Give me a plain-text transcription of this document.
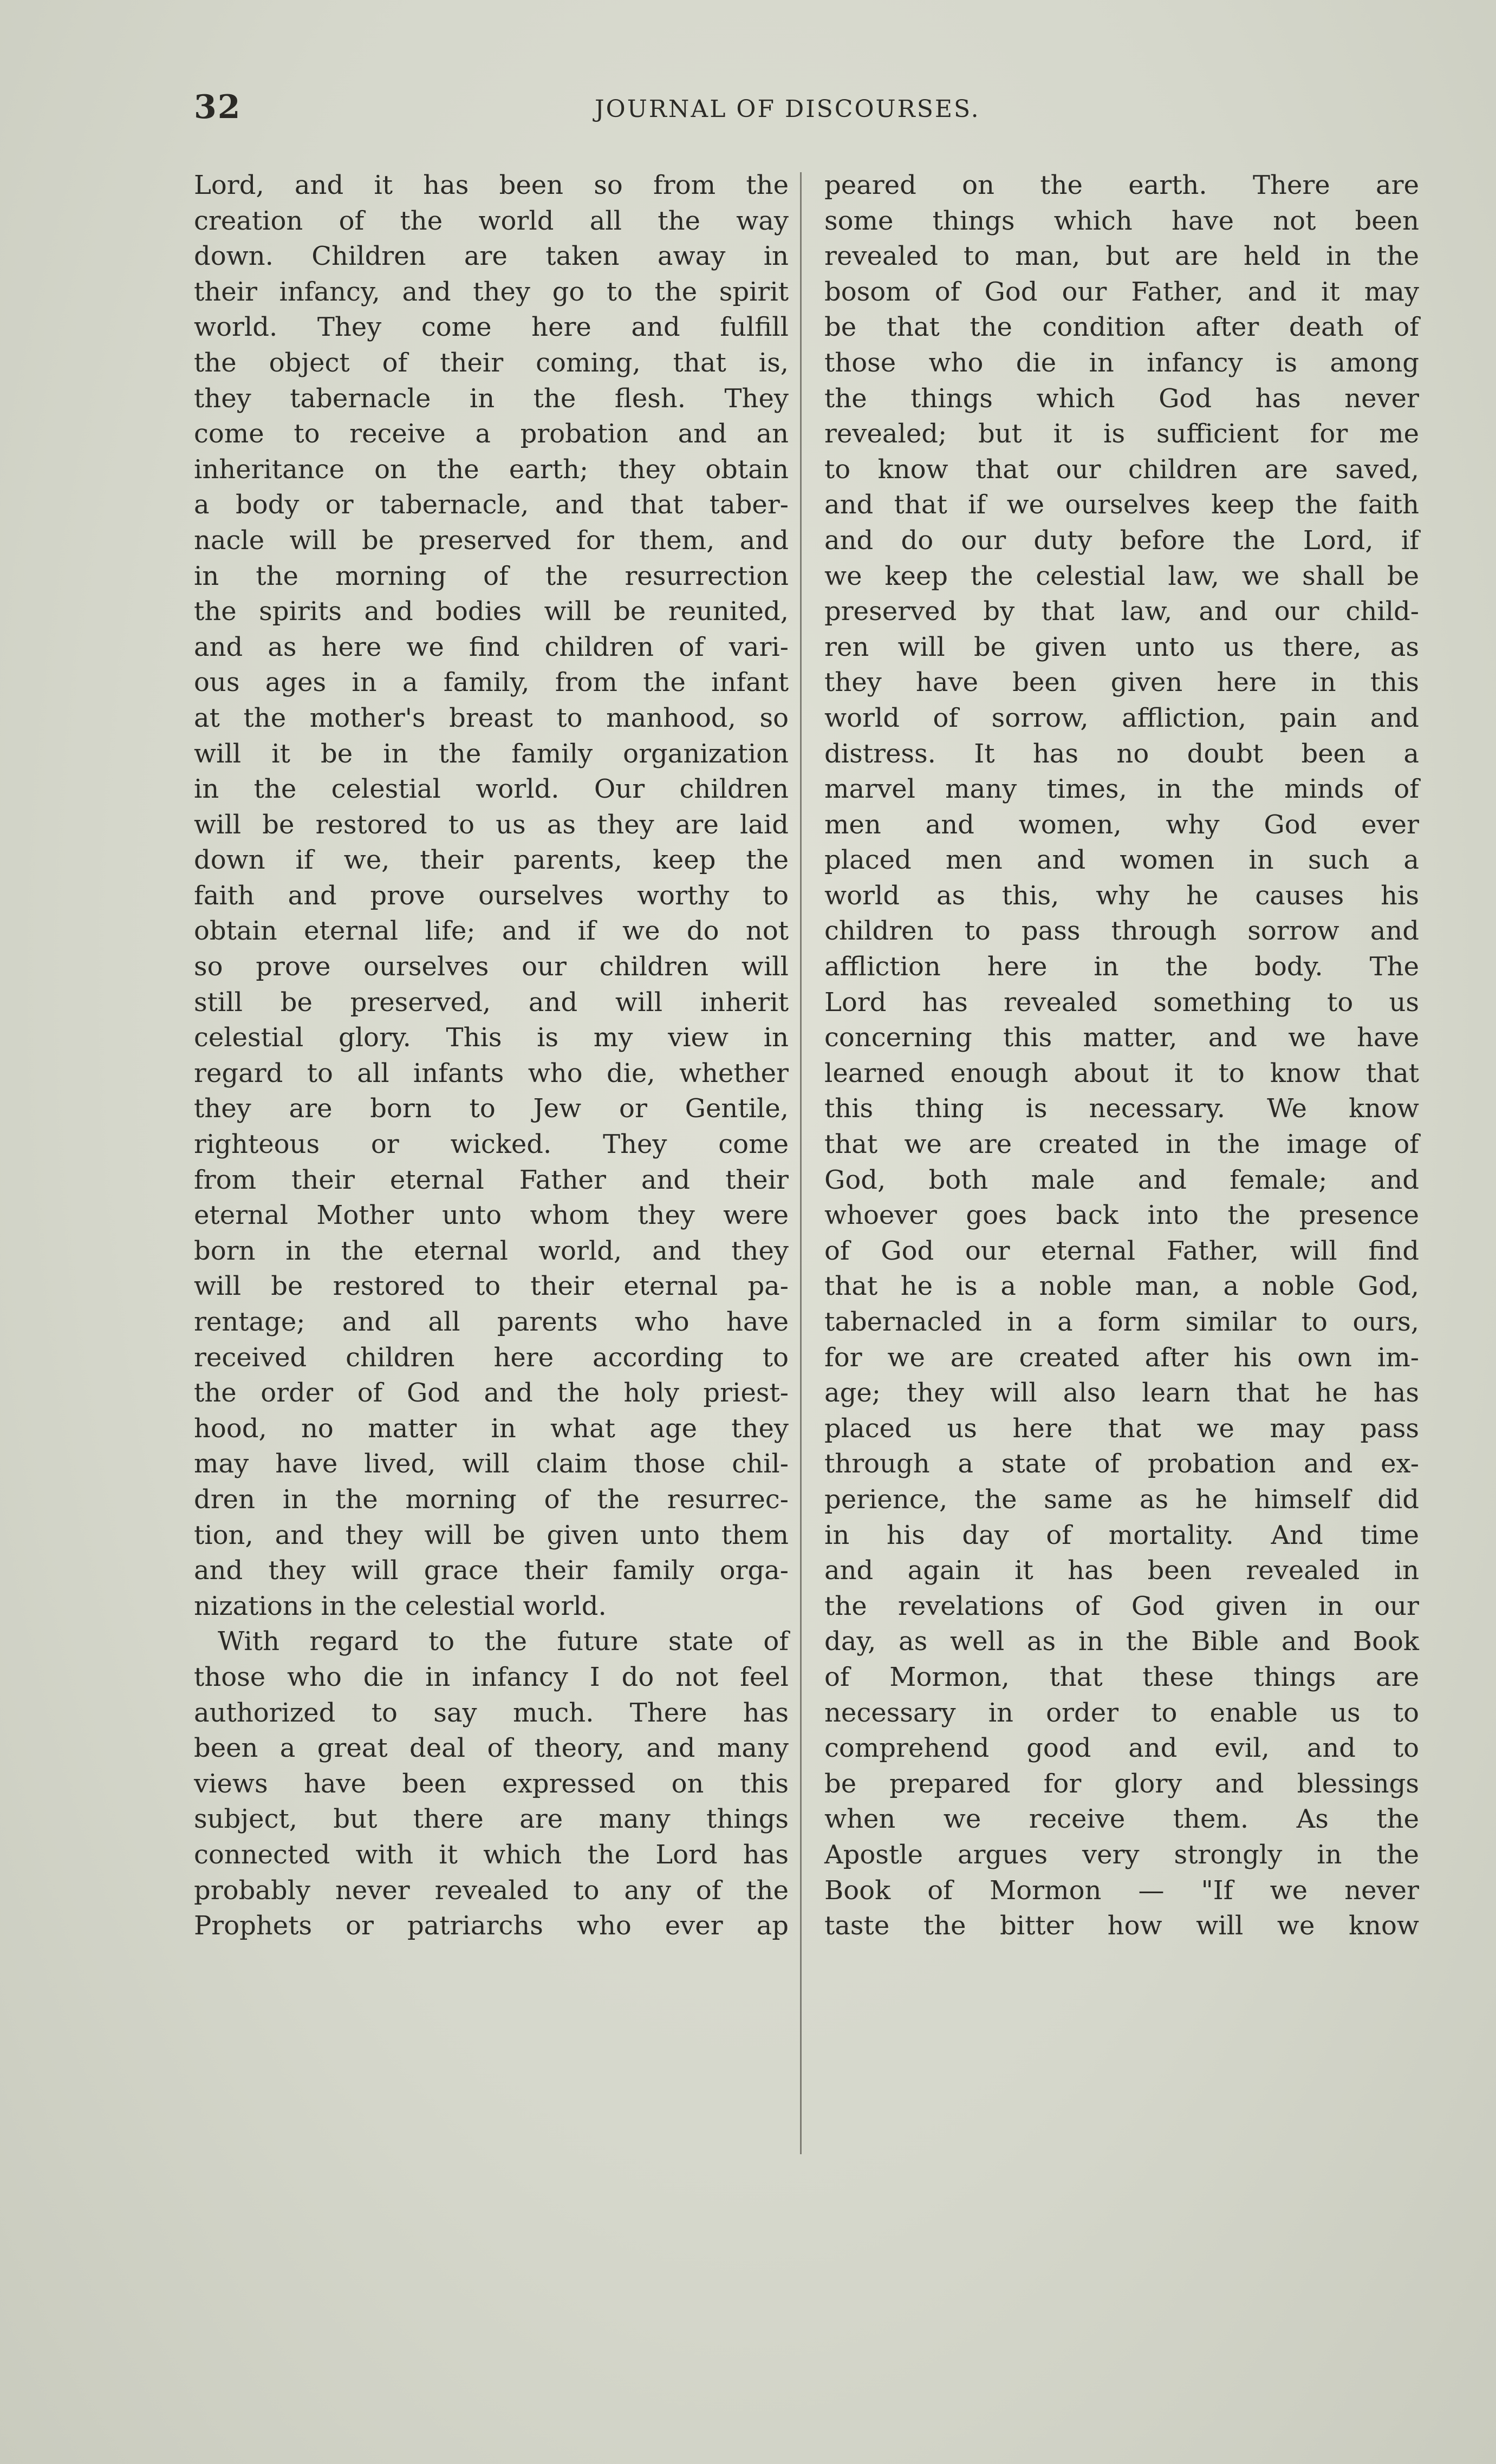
32	JOURNAL OF DISCOURSES.
Lord, and it has been so from the
creation of the world all the way
down. Children are taken away in
their infancy, and they go to the spirit
world. They come here and fulfill
the object of their coming, that is,
they tabernacle in the flesh. They
come to receive a probation and an
inheritance on the earth; they obtain
a body or tabernacle, and that taber-
nacle will be preserved for them, and
in the morning of the resurrection
the spirits and bodies will be reunited,
and as here we find children of vari-
ous ages in a family, from the infant
at the mother's breast to manhood, so
will it be in the family organization
in the celestial world. Our children
will be restored to us as they are laid
down if we, their parents, keep the
faith and prove ourselves worthy to
obtain eternal life; and if we do not
so prove ourselves our children will
still be preserved, and will inherit
celestial glory. This is my view in
regard to all infants who die, whether
they are born to Jew or Gentile,
righteous or wicked. They come
from their eternal Father and their
eternal Mother unto whom they were
born in the eternal world, and they
will be restored to their eternal pa-
rentage; and all parents who have
received children here according to
the order of God and the holy priest-
hood, no matter in what age they
may have lived, will claim those chil-
dren in the morning of the resurrec-
tion, and they will be given unto them
and they will grace their family orga-
nizations in the celestial world.
With regard to the future state of
those who die in infancy I do not feel
authorized to say much. There has
been a great deal of theory, and many
views have been expressed on this
subject, but there are many things
connected with it which the Lord has
probably never revealed to any of the
Prophets or patriarchs who ever ap
peared on the earth. There are
some things which have not been
revealed to man, but are held in the
bosom of God our Father, and it may
be that the condition after death of
those who die in infancy is among
the things which God has never
revealed; but it is sufficient for me
to know that our children are saved,
and that if we ourselves keep the faith
and do our duty before the Lord, if
we keep the celestial law, we shall be
preserved by that law, and our child-
ren will be given unto us there, as
they have been given here in this
world of sorrow, affliction, pain and
distress. It has no doubt been a
marvel many times, in the minds of
men and women, why God ever
placed men and women in such a
world as this, why he causes his
children to pass through sorrow and
affliction here in the body. The
Lord has revealed something to us
concerning this matter, and we have
learned enough about it to know that
this thing is necessary. We know
that we are created in the image of
God, both male and female; and
whoever goes back into the presence
of God our eternal Father, will find
that he is a noble man, a noble God,
tabernacled in a form similar to ours,
for we are created after his own im-
age; they will also learn that he has
placed us here that we may pass
through a state of probation and ex-
perience, the same as he himself did
in his day of mortality. And time
and again it has been revealed in
the revelations of God given in our
day, as well as in the Bible and Book
of Mormon, that these things are
necessary in order to enable us to
comprehend good and evil, and to
be prepared for glory and blessings
when we receive them. As the
Apostle argues very strongly in the
Book of Mormon — "If we never
taste the bitter how will we know
